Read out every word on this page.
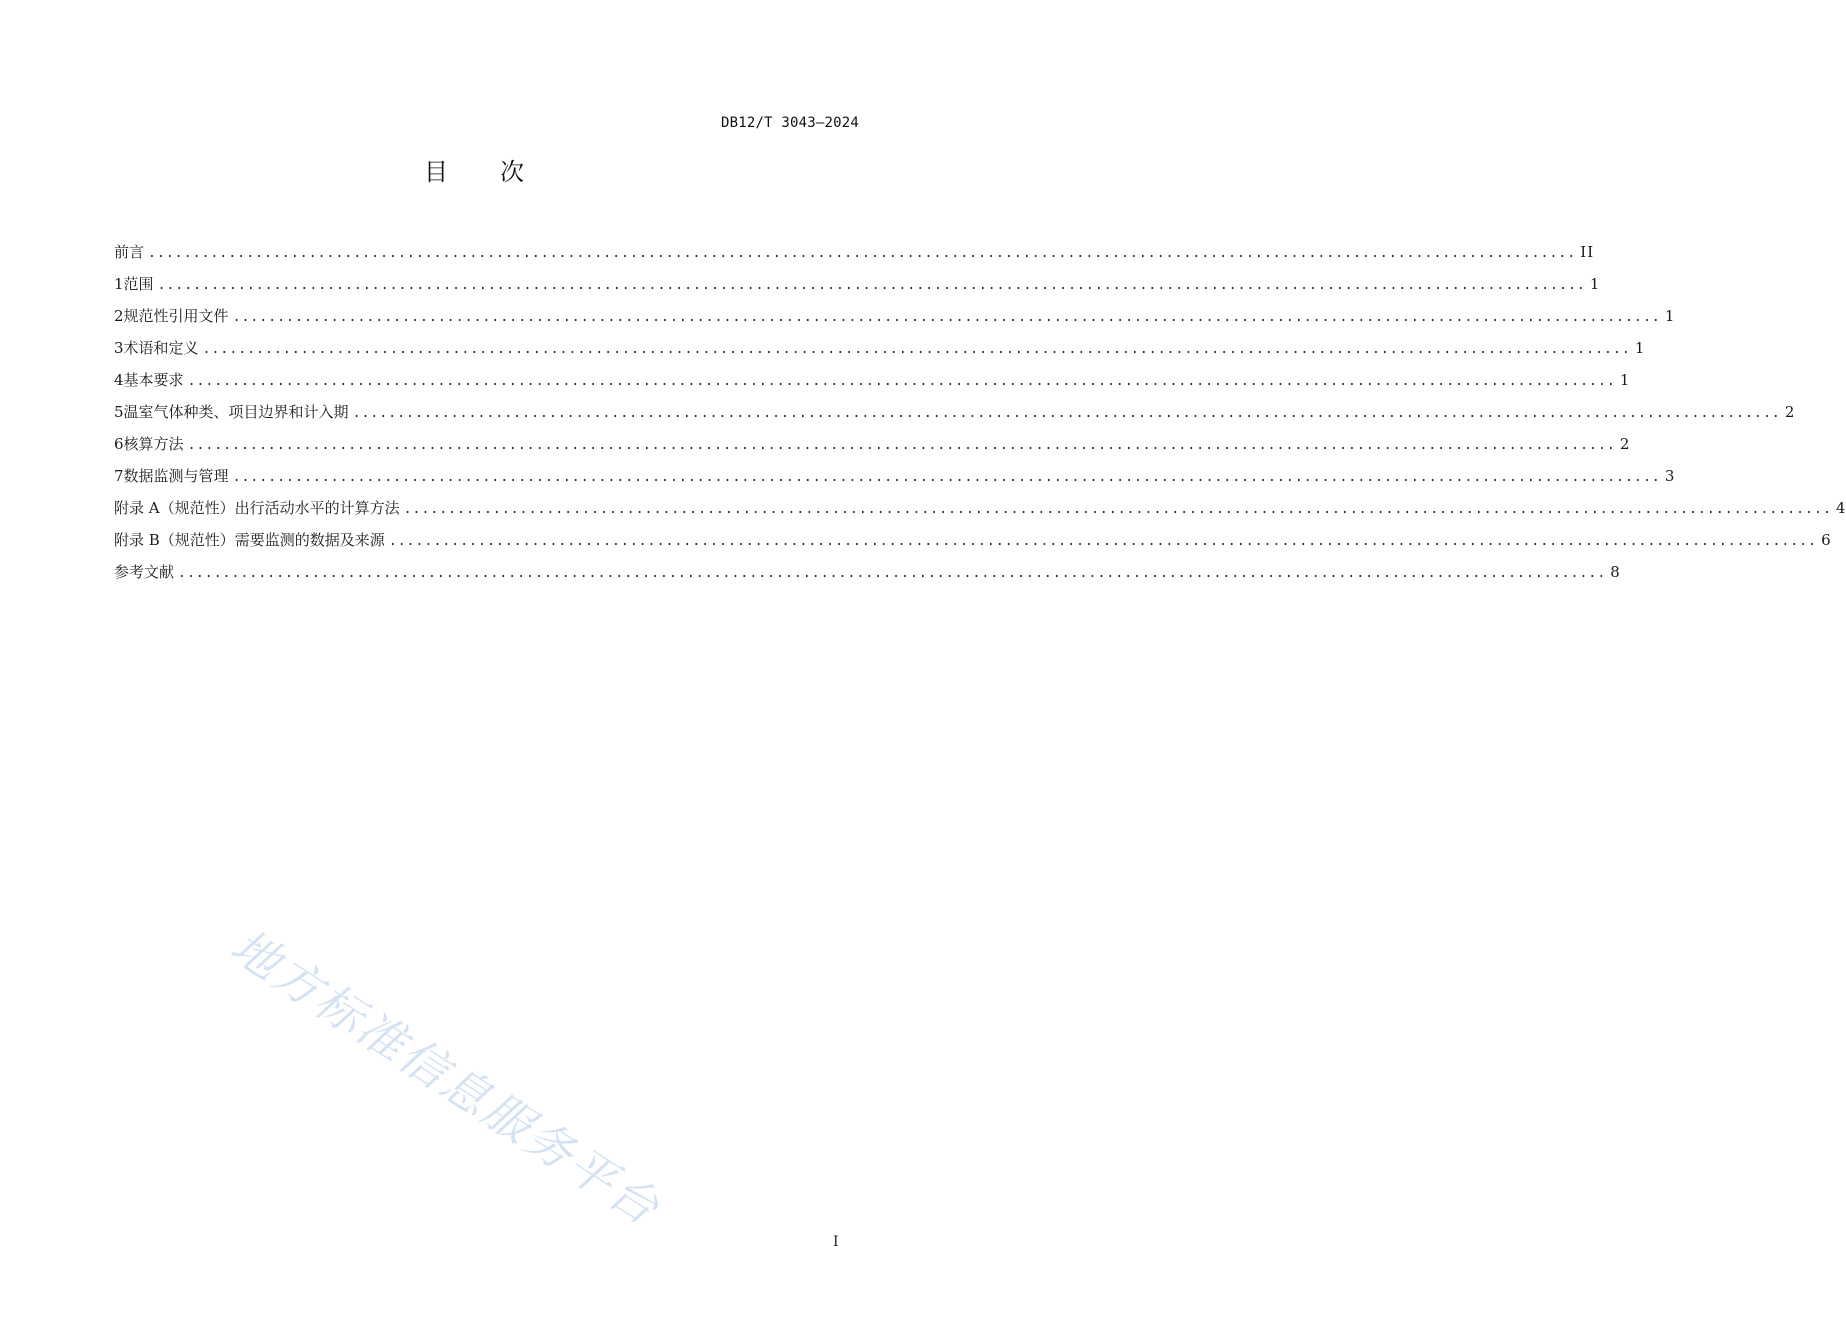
DB12/T 3043—2024
目 次
前言 ................................................................................................................................................................ II
1 范围 ................................................................................................................................................................ 1
2 规范性引用文件 ................................................................................................................................................................ 1
3 术语和定义 ................................................................................................................................................................ 1
4 基本要求 ................................................................................................................................................................ 1
5 温室气体种类、项目边界和计入期 ................................................................................................................................................................ 2
6 核算方法 ................................................................................................................................................................ 2
7 数据监测与管理 ................................................................................................................................................................ 3
附录 A（规范性） 出行活动水平的计算方法 ................................................................................................................................................................ 4
附录 B（规范性） 需要监测的数据及来源 ................................................................................................................................................................ 6
参考文献 ................................................................................................................................................................ 8
地方标准信息服务平台
I
